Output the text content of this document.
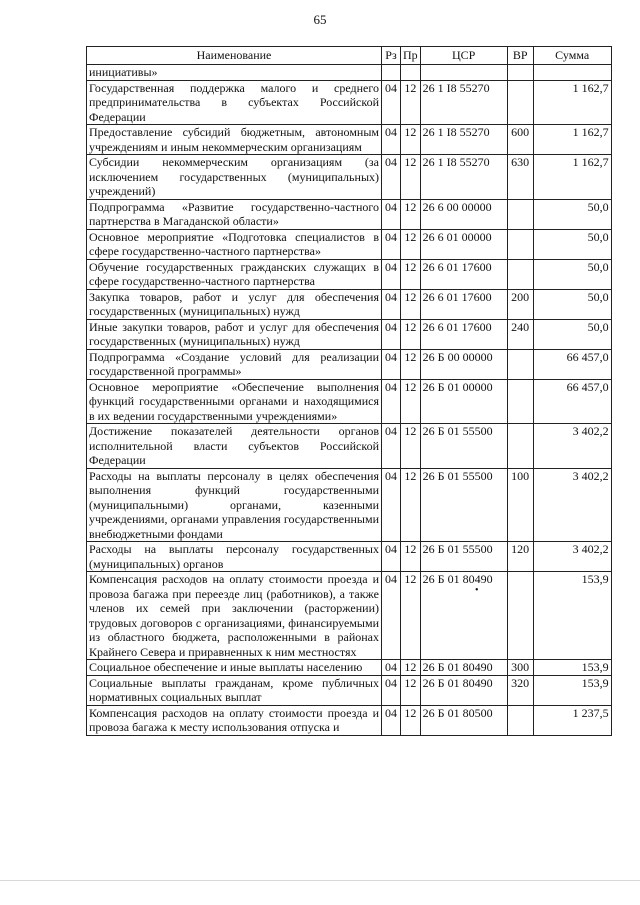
65
Наименование	Рз	Пр	ЦСР	ВР	Сумма
инициативы»					
Государственная поддержка малого и среднего предпринимательства в субъектах Российской Федерации	04	12	26 1 I8 55270		1 162,7
Предоставление субсидий бюджетным, автономным учреждениям и иным некоммерческим организациям	04	12	26 1 I8 55270	600	1 162,7
Субсидии некоммерческим организациям (за исключением государственных (муниципальных) учреждений)	04	12	26 1 I8 55270	630	1 162,7
Подпрограмма «Развитие государственно-частного партнерства в Магаданской области»	04	12	26 6 00 00000		50,0
Основное мероприятие «Подготовка специалистов в сфере государственно-частного партнерства»	04	12	26 6 01 00000		50,0
Обучение государственных гражданских служащих в сфере государственно-частного партнерства	04	12	26 6 01 17600		50,0
Закупка товаров, работ и услуг для обеспечения государственных (муниципальных) нужд	04	12	26 6 01 17600	200	50,0
Иные закупки товаров, работ и услуг для обеспечения государственных (муниципальных) нужд	04	12	26 6 01 17600	240	50,0
Подпрограмма «Создание условий для реализации государственной программы»	04	12	26 Б 00 00000		66 457,0
Основное мероприятие «Обеспечение выполнения функций государственными органами и находящимися в их ведении государственными учреждениями»	04	12	26 Б 01 00000		66 457,0
Достижение показателей деятельности органов исполнительной власти субъектов Российской Федерации	04	12	26 Б 01 55500		3 402,2
Расходы на выплаты персоналу в целях обеспечения выполнения функций государственными (муниципальными) органами, казенными учреждениями, органами управления государственными внебюджетными фондами	04	12	26 Б 01 55500	100	3 402,2
Расходы на выплаты персоналу государственных (муниципальных) органов	04	12	26 Б 01 55500	120	3 402,2
Компенсация расходов на оплату стоимости проезда и провоза багажа при переезде лиц (работников), а также членов их семей при заключении (расторжении) трудовых договоров с организациями, финансируемыми из областного бюджета, расположенными в районах Крайнего Севера и приравненных к ним местностях	04	12	26 Б 01 80490		153,9
Социальное обеспечение и иные выплаты населению	04	12	26 Б 01 80490	300	153,9
Социальные выплаты гражданам, кроме публичных нормативных социальных выплат	04	12	26 Б 01 80490	320	153,9
Компенсация расходов на оплату стоимости проезда и провоза багажа к месту использования отпуска и	04	12	26 Б 01 80500		1 237,5
•
